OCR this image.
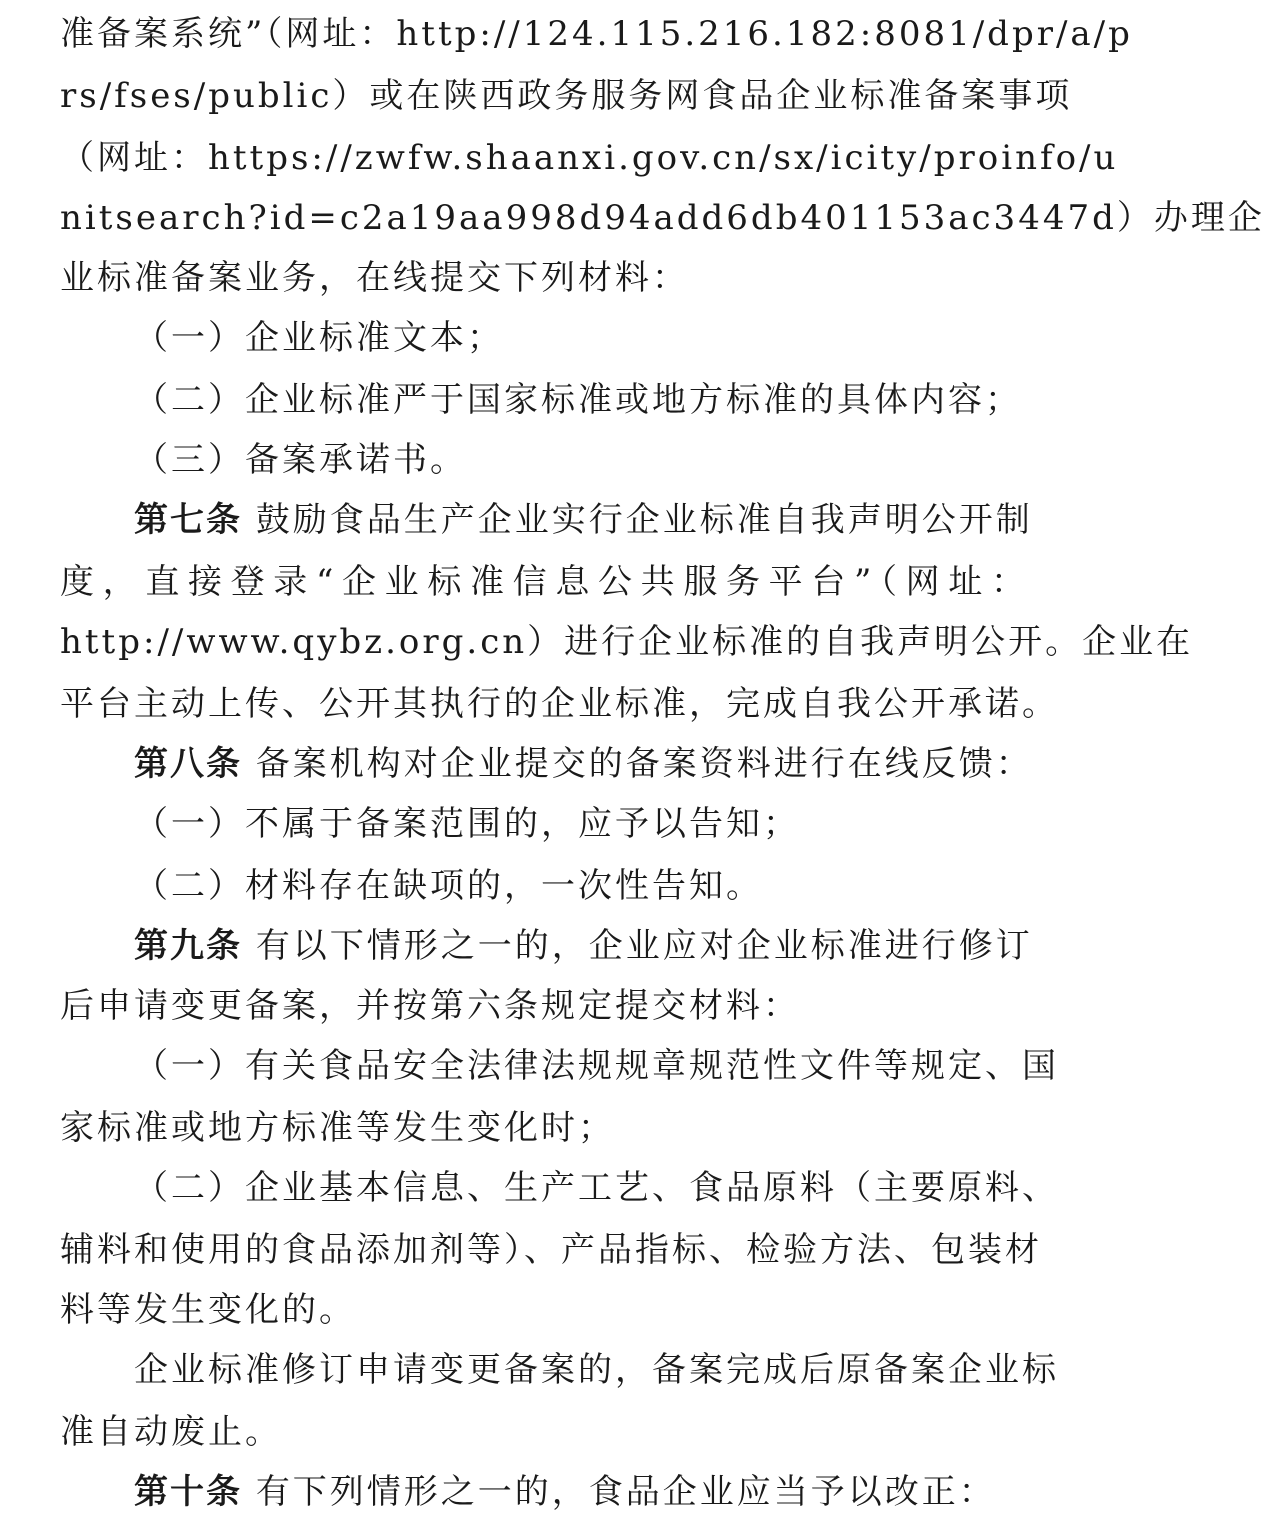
准备案系统”（网址：http://124.115.216.182:8081/dpr/a/p
rs/fses/public）或在陕西政务服务网食品企业标准备案事项
（网址：https://zwfw.shaanxi.gov.cn/sx/icity/proinfo/u
nitsearch?id=c2a19aa998d94add6db401153ac3447d）办理企
业标准备案业务，在线提交下列材料：
（一）企业标准文本；
（二）企业标准严于国家标准或地方标准的具体内容；
（三）备案承诺书。
第七条 鼓励食品生产企业实行企业标准自我声明公开制
度，直接登录“企业标准信息公共服务平台”（网址：
http://www.qybz.org.cn）进行企业标准的自我声明公开。企业在
平台主动上传、公开其执行的企业标准，完成自我公开承诺。
第八条 备案机构对企业提交的备案资料进行在线反馈：
（一）不属于备案范围的，应予以告知；
（二）材料存在缺项的，一次性告知。
第九条 有以下情形之一的，企业应对企业标准进行修订
后申请变更备案，并按第六条规定提交材料：
（一）有关食品安全法律法规规章规范性文件等规定、国
家标准或地方标准等发生变化时；
（二）企业基本信息、生产工艺、食品原料（主要原料、
辅料和使用的食品添加剂等）、产品指标、检验方法、包装材
料等发生变化的。
企业标准修订申请变更备案的，备案完成后原备案企业标
准自动废止。
第十条 有下列情形之一的，食品企业应当予以改正：
